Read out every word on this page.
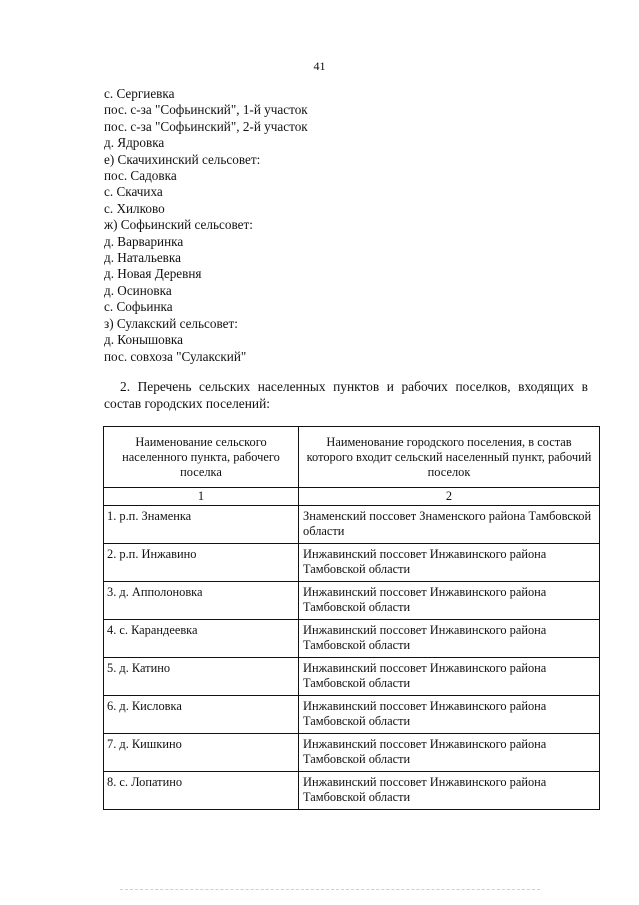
41
с. Сергиевка
пос. с-за "Софьинский", 1-й участок
пос. с-за "Софьинский", 2-й участок
д. Ядровка
е) Скачихинский сельсовет:
пос. Садовка
с. Скачиха
с. Хилково
ж) Софьинский сельсовет:
д. Варваринка
д. Натальевка
д. Новая Деревня
д. Осиновка
с. Софьинка
з) Сулакский сельсовет:
д. Конышовка
пос. совхоза "Сулакский"
2. Перечень сельских населенных пунктов и рабочих поселков, входящих в состав городских поселений:
Наименование сельского населенного пункта, рабочего поселка	Наименование городского поселения, в состав которого входит сельский населенный пункт, рабочий поселок
1	2
1. р.п. Знаменка	Знаменский поссовет Знаменского района Тамбовской области
2. р.п. Инжавино	Инжавинский поссовет Инжавинского района Тамбовской области
3. д. Апполоновка	Инжавинский поссовет Инжавинского района Тамбовской области
4. с. Карандеевка	Инжавинский поссовет Инжавинского района Тамбовской области
5. д. Катино	Инжавинский поссовет Инжавинского района Тамбовской области
6. д. Кисловка	Инжавинский поссовет Инжавинского района Тамбовской области
7. д. Кишкино	Инжавинский поссовет Инжавинского района Тамбовской области
8. с. Лопатино	Инжавинский поссовет Инжавинского района Тамбовской области
